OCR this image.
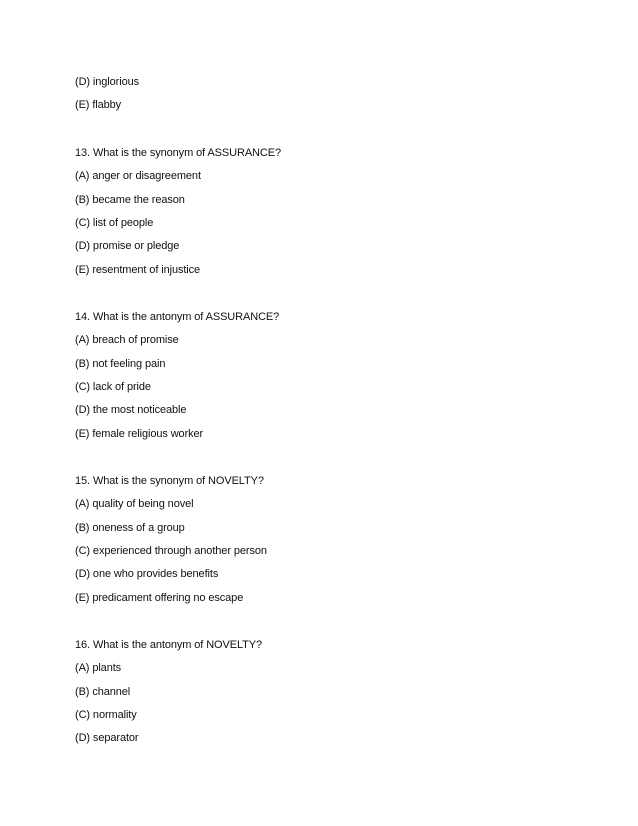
(D) inglorious
(E) flabby
13. What is the synonym of ASSURANCE?
(A) anger or disagreement
(B) became the reason
(C) list of people
(D) promise or pledge
(E) resentment of injustice
14. What is the antonym of ASSURANCE?
(A) breach of promise
(B) not feeling pain
(C) lack of pride
(D) the most noticeable
(E) female religious worker
15. What is the synonym of NOVELTY?
(A) quality of being novel
(B) oneness of a group
(C) experienced through another person
(D) one who provides benefits
(E) predicament offering no escape
16. What is the antonym of NOVELTY?
(A) plants
(B) channel
(C) normality
(D) separator
